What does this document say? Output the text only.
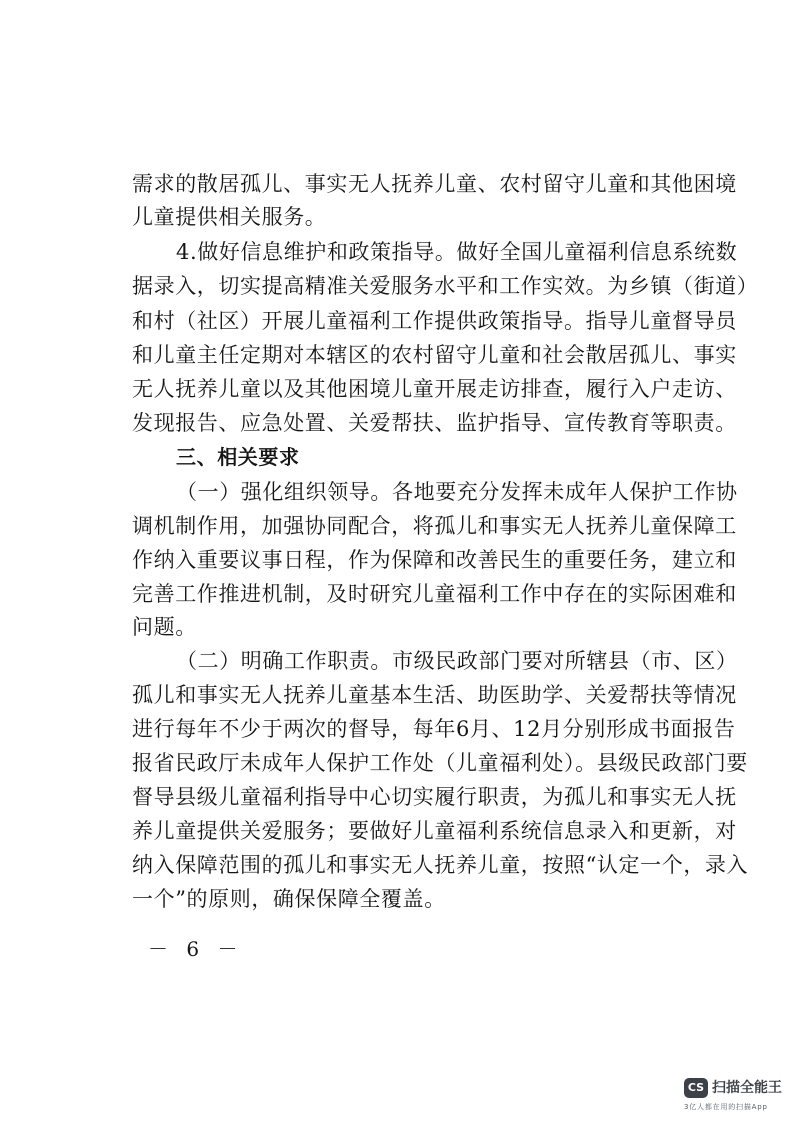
需求的散居孤儿、事实无人抚养儿童、农村留守儿童和其他困境
儿童提供相关服务。
4.做好信息维护和政策指导。做好全国儿童福利信息系统数
据录入，切实提高精准关爱服务水平和工作实效。为乡镇（街道）
和村（社区）开展儿童福利工作提供政策指导。指导儿童督导员
和儿童主任定期对本辖区的农村留守儿童和社会散居孤儿、事实
无人抚养儿童以及其他困境儿童开展走访排查，履行入户走访、
发现报告、应急处置、关爱帮扶、监护指导、宣传教育等职责。
三、相关要求
（一）强化组织领导。各地要充分发挥未成年人保护工作协
调机制作用，加强协同配合，将孤儿和事实无人抚养儿童保障工
作纳入重要议事日程，作为保障和改善民生的重要任务，建立和
完善工作推进机制，及时研究儿童福利工作中存在的实际困难和
问题。
（二）明确工作职责。市级民政部门要对所辖县（市、区）
孤儿和事实无人抚养儿童基本生活、助医助学、关爱帮扶等情况
进行每年不少于两次的督导，每年6月、12月分别形成书面报告
报省民政厅未成年人保护工作处（儿童福利处）。县级民政部门要
督导县级儿童福利指导中心切实履行职责，为孤儿和事实无人抚
养儿童提供关爱服务；要做好儿童福利系统信息录入和更新，对
纳入保障范围的孤儿和事实无人抚养儿童，按照“认定一个，录入
一个”的原则，确保保障全覆盖。
－ 6 －
CS 扫描全能王
3亿人都在用的扫描App
